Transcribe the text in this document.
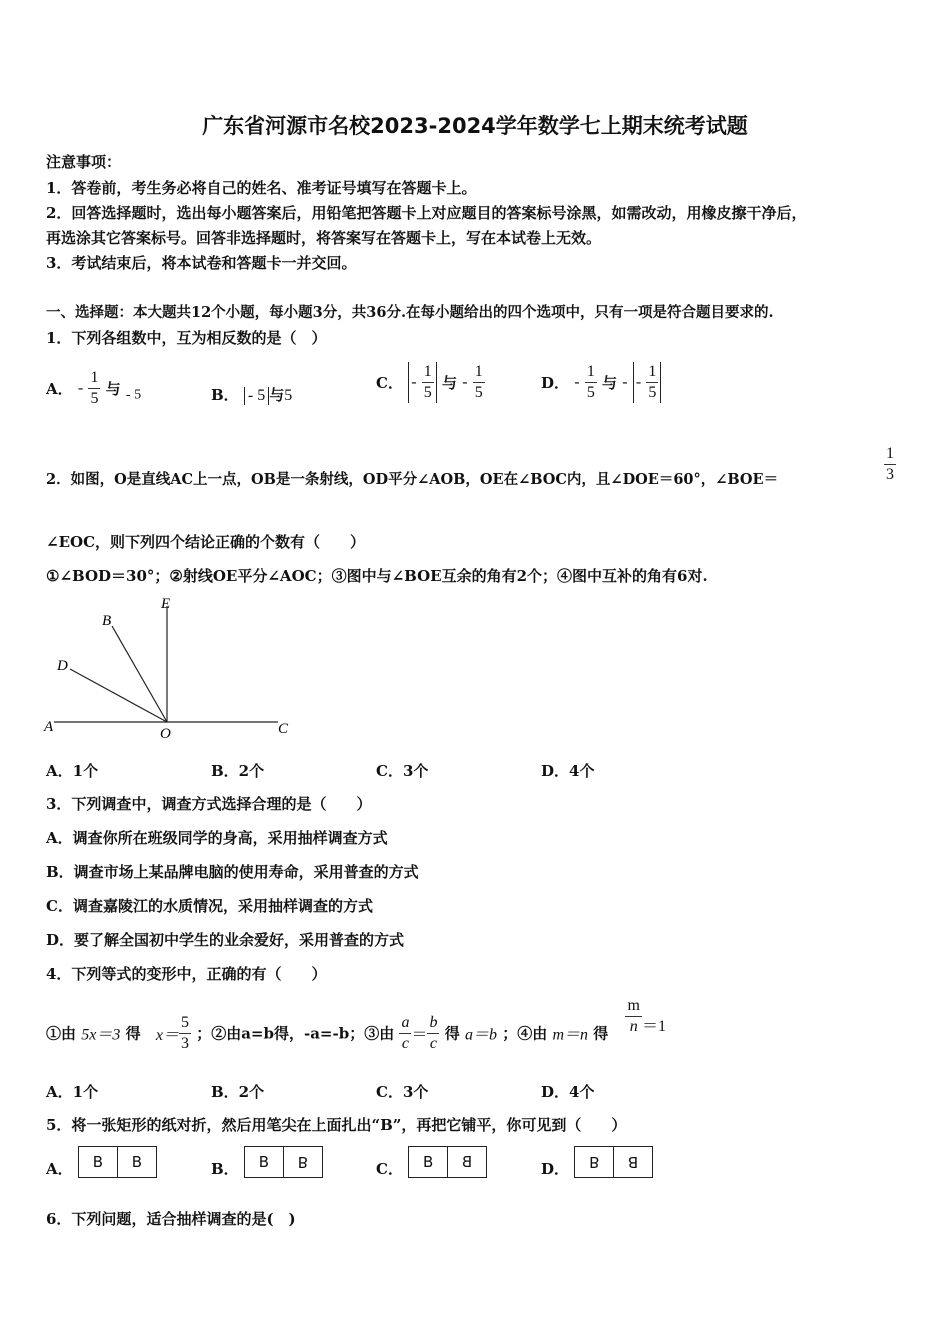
广东省河源市名校2023-2024学年数学七上期末统考试题
注意事项：
1．答卷前，考生务必将自己的姓名、准考证号填写在答题卡上。
2．回答选择题时，选出每小题答案后，用铅笔把答题卡上对应题目的答案标号涂黑，如需改动，用橡皮擦干净后，
再选涂其它答案标号。回答非选择题时，将答案写在答题卡上，写在本试卷上无效。
3．考试结束后，将本试卷和答题卡一并交回。
一、选择题：本大题共12个小题，每小题3分，共36分.在每小题给出的四个选项中，只有一项是符合题目要求的.
1．下列各组数中，互为相反数的是（　）
A． - $\frac{1}{5}$ 与 - 5	B． - 5 与5
C． - $\frac{1}{5}$ 与 - $\frac{1}{5}$	D． - $\frac{1}{5}$ 与 - - $\frac{1}{5}$
2．如图，O是直线AC上一点，OB是一条射线，OD平分∠AOB，OE在∠BOC内，且∠DOE＝60°，∠BOE＝	$\frac{1}{3}$
∠EOC，则下列四个结论正确的个数有（　　）
①∠BOD＝30°；②射线OE平分∠AOC；③图中与∠BOE互余的角有2个；④图中互补的角有6对.
A
B
D
E
O	C
A．1个	B．2个	C．3个	D．4个
3．下列调查中，调查方式选择合理的是（　　）
A．调查你所在班级同学的身高，采用抽样调查方式
B．调查市场上某品牌电脑的使用寿命，采用普查的方式
C．调查嘉陵江的水质情况，采用抽样调查的方式
D．要了解全国初中学生的业余爱好，采用普查的方式
4．下列等式的变形中，正确的有（　　）
①由 5x＝3 得 $x= \frac{5}{3}$ ；②由a=b得，-a=-b；③由 $\frac{a}{c} = \frac{b}{c}$ 得 a＝b ；④由 m＝n 得 $\frac{m}{n} =1$
A．1个	B．2个	C．3个	D．4个
5．将一张矩形的纸对折，然后用笔尖在上面扎出“B”，再把它铺平，你可见到（　　）
A． B B	B． B B	C． B B	D． B B
6．下列问题，适合抽样调查的是(　)
